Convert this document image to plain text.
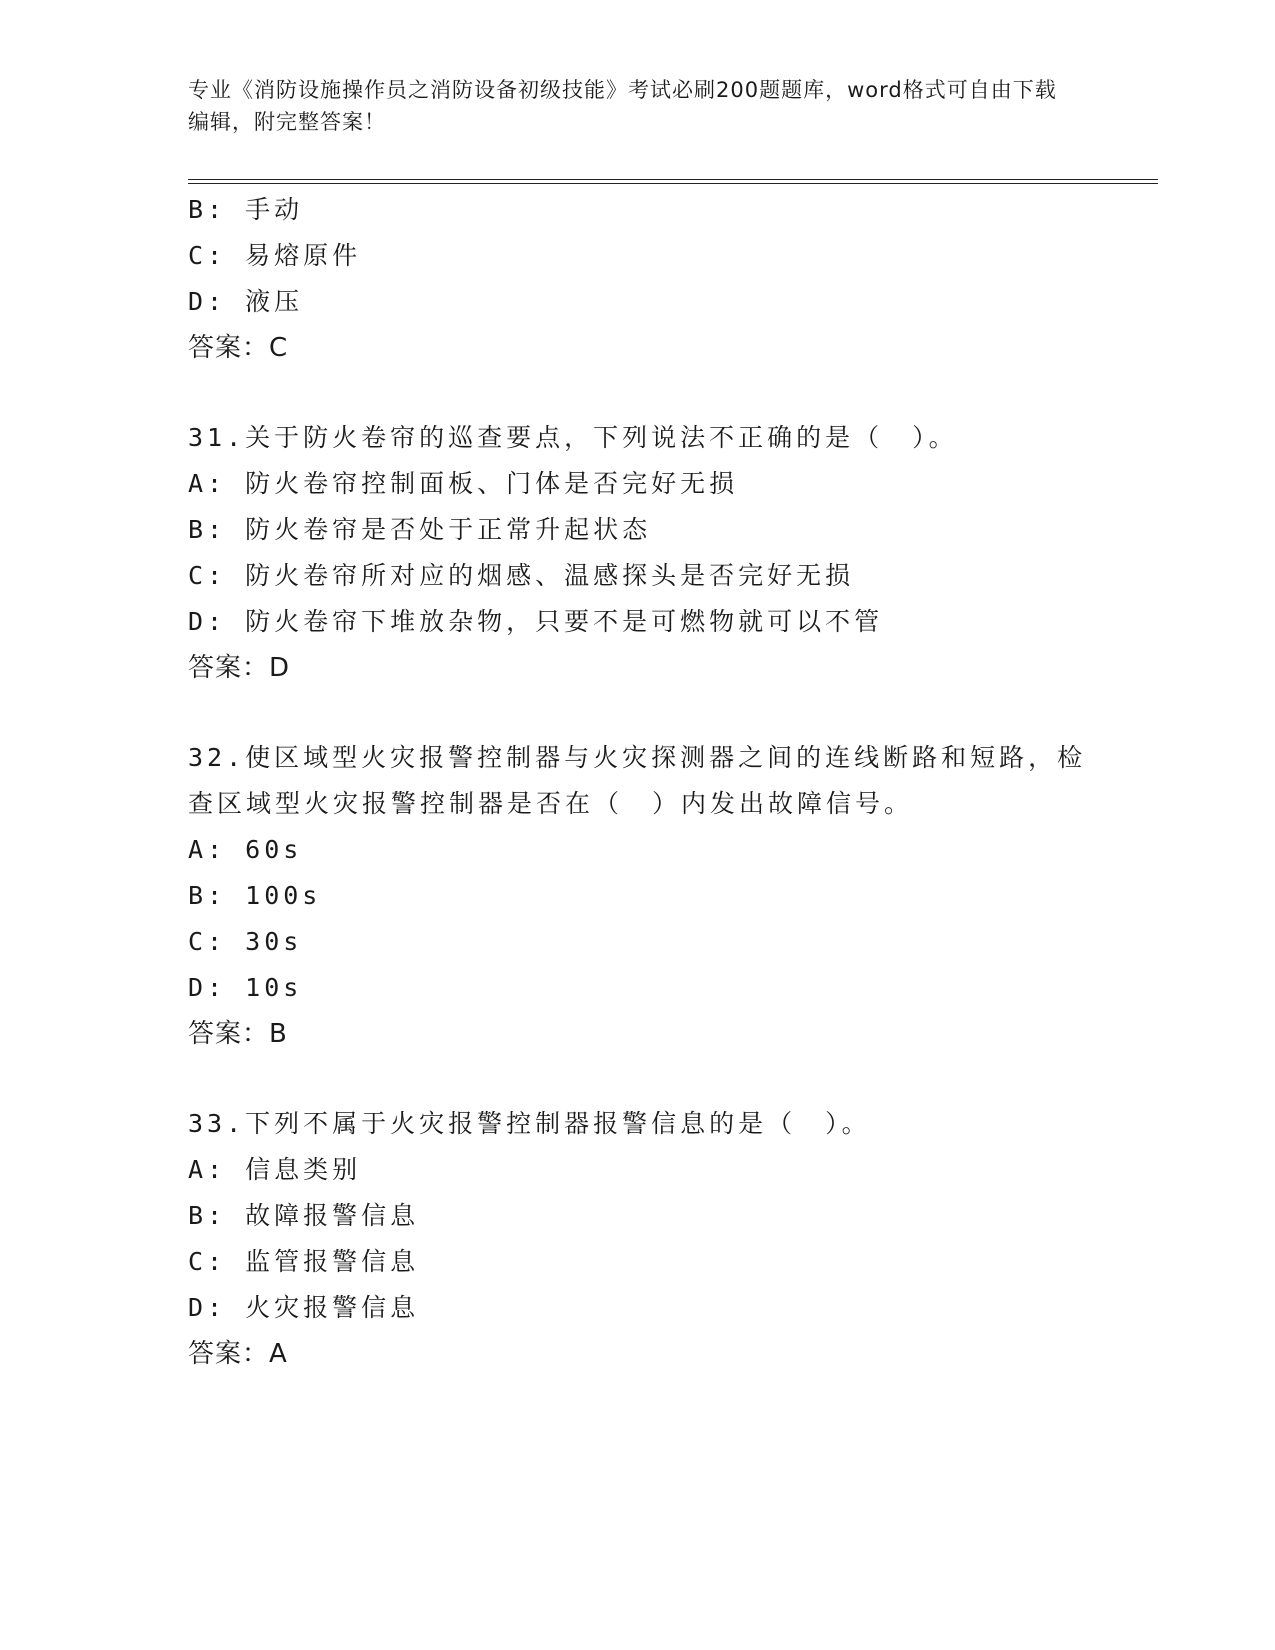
专业《消防设施操作员之消防设备初级技能》考试必刷200题题库，word格式可自由下载编辑，附完整答案！
B: 手动
C: 易熔原件
D: 液压
答案：C
31.关于防火卷帘的巡查要点，下列说法不正确的是（　）。
A: 防火卷帘控制面板、门体是否完好无损
B: 防火卷帘是否处于正常升起状态
C: 防火卷帘所对应的烟感、温感探头是否完好无损
D: 防火卷帘下堆放杂物，只要不是可燃物就可以不管
答案：D
32.使区域型火灾报警控制器与火灾探测器之间的连线断路和短路，检查区域型火灾报警控制器是否在（　）内发出故障信号。
A: 60s
B: 100s
C: 30s
D: 10s
答案：B
33.下列不属于火灾报警控制器报警信息的是（　）。
A: 信息类别
B: 故障报警信息
C: 监管报警信息
D: 火灾报警信息
答案：A
